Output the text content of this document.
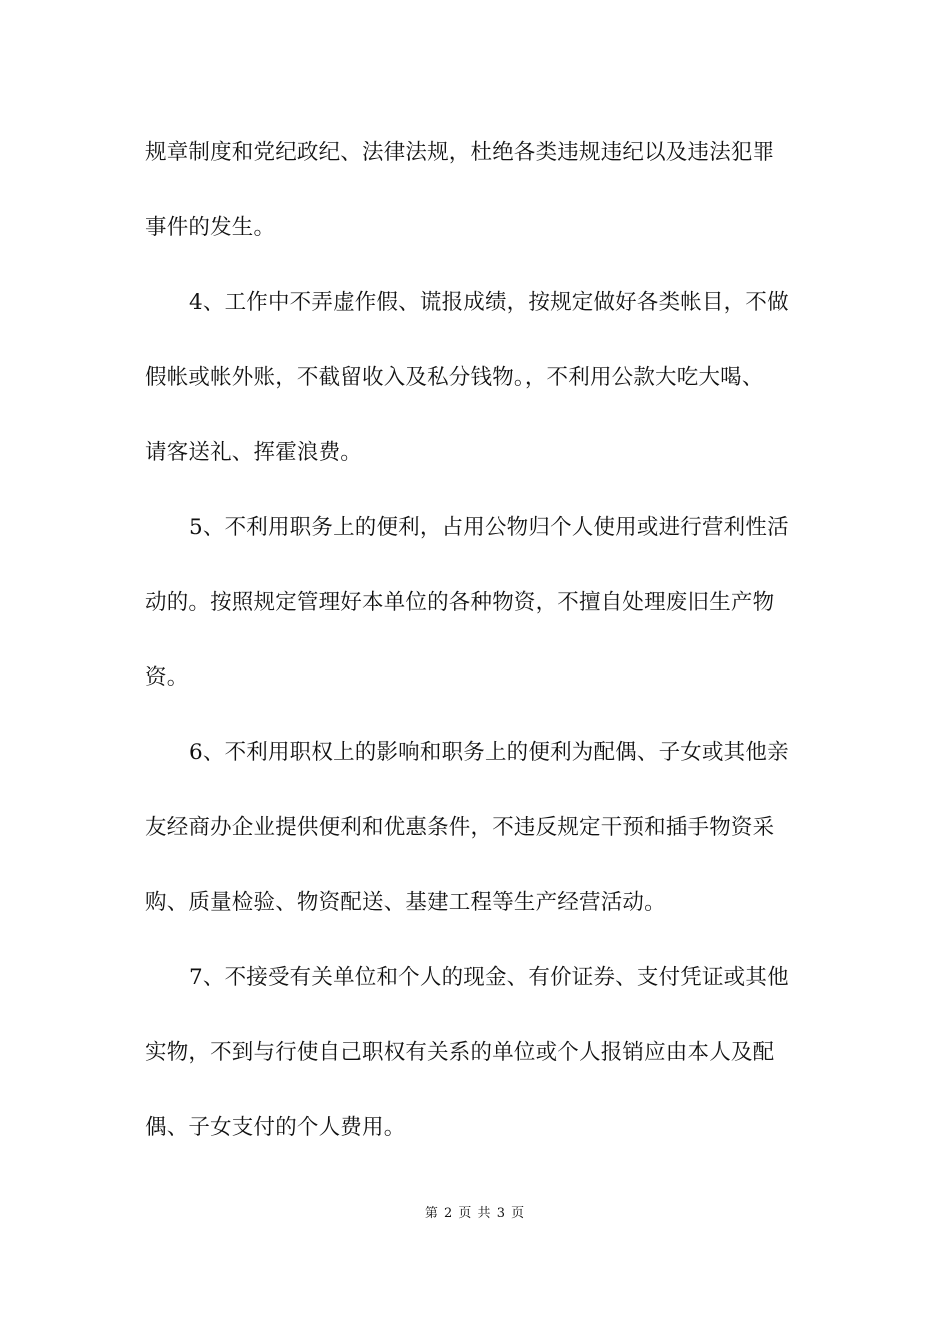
规章制度和党纪政纪、法律法规，杜绝各类违规违纪以及违法犯罪
事件的发生。
4、工作中不弄虚作假、谎报成绩，按规定做好各类帐目，不做
假帐或帐外账，不截留收入及私分钱物。，不利用公款大吃大喝、
请客送礼、挥霍浪费。
5、不利用职务上的便利，占用公物归个人使用或进行营利性活
动的。按照规定管理好本单位的各种物资，不擅自处理废旧生产物
资。
6、不利用职权上的影响和职务上的便利为配偶、子女或其他亲
友经商办企业提供便利和优惠条件，不违反规定干预和插手物资采
购、质量检验、物资配送、基建工程等生产经营活动。
7、不接受有关单位和个人的现金、有价证券、支付凭证或其他
实物，不到与行使自己职权有关系的单位或个人报销应由本人及配
偶、子女支付的个人费用。
第 2 页 共 3 页
